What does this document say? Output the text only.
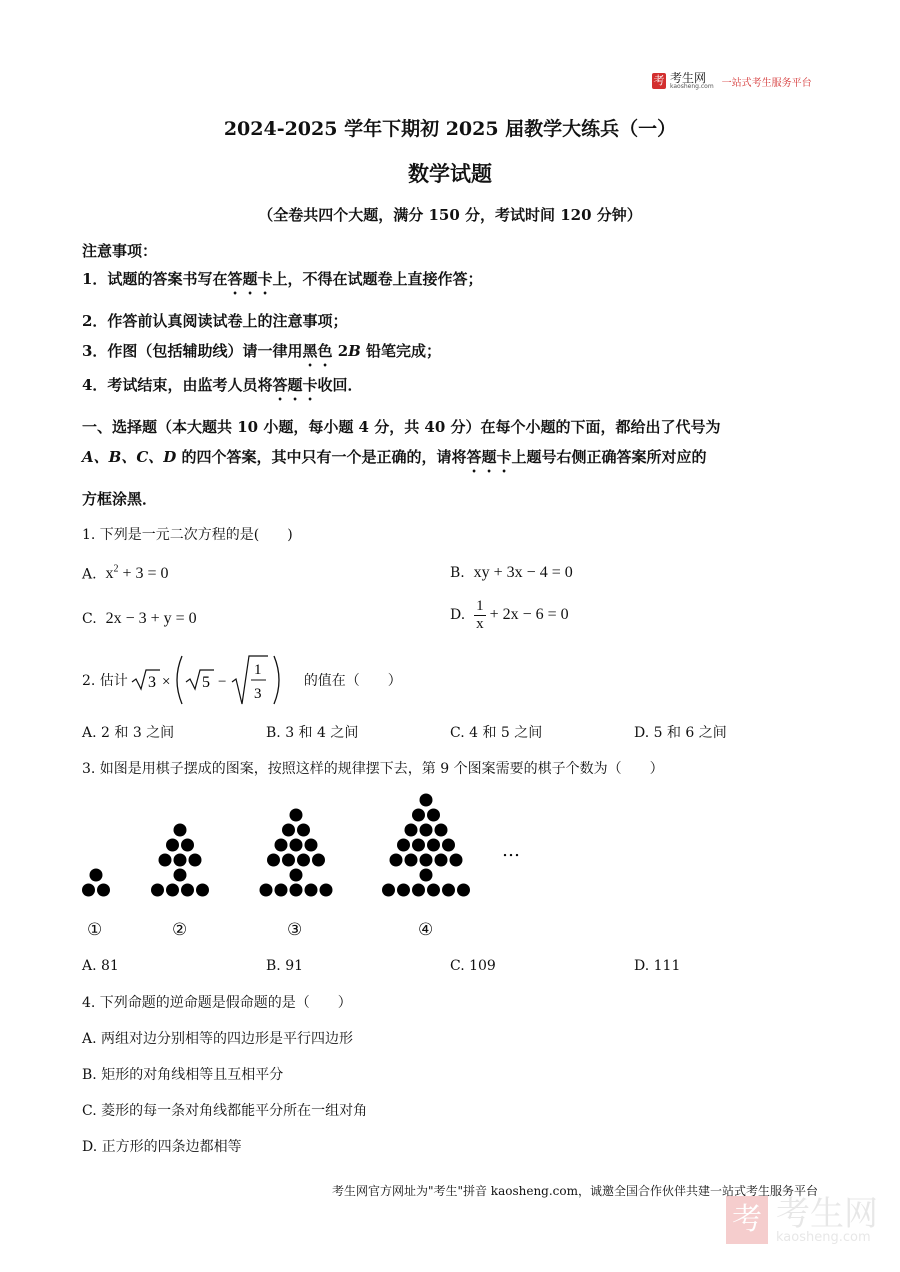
考 考生网
kaosheng.com 一站式考生服务平台
2024-2025 学年下期初 2025 届教学大练兵（一）
数学试题
（全卷共四个大题，满分 150 分，考试时间 120 分钟）
注意事项：
1．试题的答案书写在答题卡上，不得在试题卷上直接作答；
2．作答前认真阅读试卷上的注意事项；
3．作图（包括辅助线）请一律用黑色 2B 铅笔完成；
4．考试结束，由监考人员将答题卡收回．
一、选择题（本大题共 10 小题，每小题 4 分，共 40 分）在每个小题的下面，都给出了代号为
A、B、C、D 的四个答案，其中只有一个是正确的，请将答题卡上题号右侧正确答案所对应的
方框涂黑．
1. 下列是一元二次方程的是(　　)
A. $x^2 + 3 = 0$	B. xy + 3x − 4 = 0
C. 2x − 3 + y = 0	D. $\frac{1}{x} + 2x - 6 = 0$
2. 估计 3 × 5 −
1
3
的值在（　　）
A. 2 和 3 之间	B. 3 和 4 之间	C. 4 和 5 之间	D. 5 和 6 之间
3. 如图是用棋子摆成的图案，按照这样的规律摆下去，第 9 个图案需要的棋子个数为（　　）
…
①	②	③	④
A. 81	B. 91	C. 109	D. 111
4. 下列命题的逆命题是假命题的是（　　）
A. 两组对边分别相等的四边形是平行四边形
B. 矩形的对角线相等且互相平分
C. 菱形的每一条对角线都能平分所在一组对角
D. 正方形的四条边都相等
考生网官方网址为"考生"拼音 kaosheng.com，诚邀全国合作伙伴共建一站式考生服务平台
考 考生网
kaosheng.com
